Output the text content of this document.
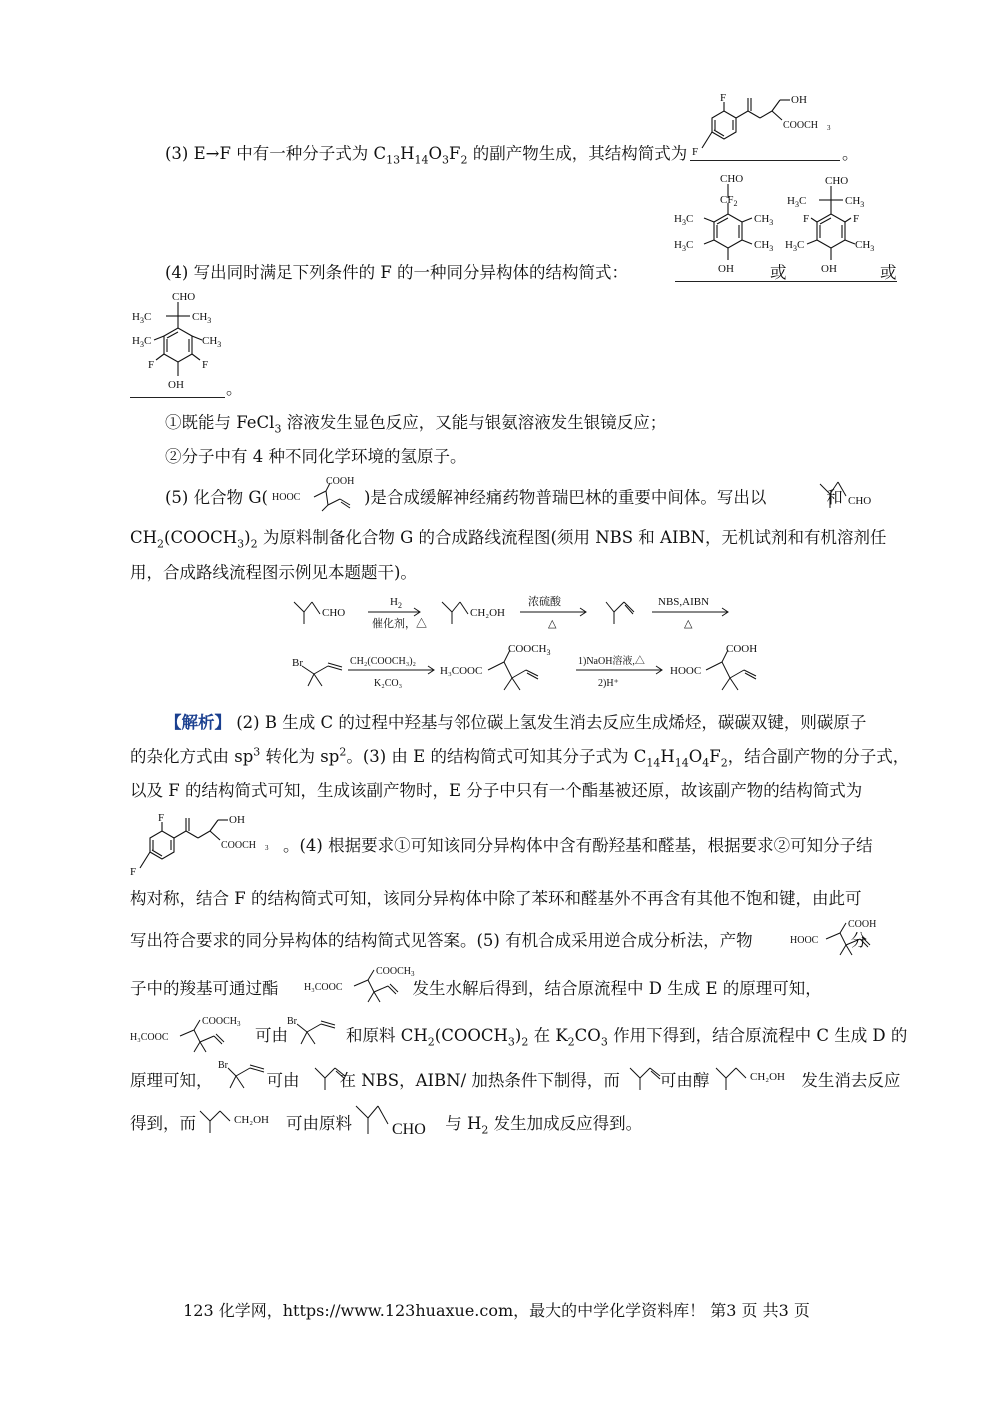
(3) E→F 中有一种分子式为 $C_{13}H_{14}O_3F_2$ 的副产物生成，其结构简式为	。
F
F
OH
COOCH 3
(4) 写出同时满足下列条件的 F 的一种同分异构体的结构简式：
CHO
$CF_2$
$H_3C$	$CH_3$
$H_3C$	$CH_3$
OH 或
CHO
$H_3C$	$CH_3$
F	F
$H_3C$	$CH_3$
OH	或
CHO
$H_3C$	$CH_3$
$H_3C$	$CH_3$
F	F
OH	。
①既能与 FeCl$_3$ 溶液发生显色反应，又能与银氨溶液发生银镜反应；
②分子中有 4 种不同化学环境的氢原子。
(5) 化合物 G(	)是合成缓解神经痛药物普瑞巴林的重要中间体。写出以	和
HOOC
COOH
CHO
$CH_2(COOCH_3)_2$ 为原料制备化合物 G 的合成路线流程图(须用 NBS 和 AIBN，无机试剂和有机溶剂任
用，合成路线流程图示例见本题题干)。
CHO
$H_2$
催化剂，△
CH₂OH
浓硫酸
△
NBS,AIBN
△
Br	CH₂(COOCH₃)₂
K₂CO₃
H₃COOC
$COOCH_3$
1)NaOH溶液,△
2)H⁺
HOOC
COOH
【解析】 (2) B 生成 C 的过程中羟基与邻位碳上氢发生消去反应生成烯烃，碳碳双键，则碳原子
的杂化方式由 $sp^3$ 转化为 $sp^2$。(3) 由 E 的结构简式可知其分子式为 $C_{14}H_{14}O_4F_2$，结合副产物的分子式，
以及 F 的结构简式可知，生成该副产物时，E 分子中只有一个酯基被还原，故该副产物的结构简式为
F
F
OH
COOCH 3 。(4) 根据要求①可知该同分异构体中含有酚羟基和醛基，根据要求②可知分子结
构对称，结合 F 的结构简式可知，该同分异构体中除了苯环和醛基外不再含有其他不饱和键，由此可
写出符合要求的同分异构体的结构简式见答案。(5) 有机合成采用逆合成分析法，产物	分
HOOC
COOH
子中的羧基可通过酯	发生水解后得到，结合原流程中 D 生成 E 的原理可知，
H₃COOC
$COOCH_3$
可由	和原料 $CH_2(COOCH_3)_2$ 在 $K_2CO_3$ 作用下得到，结合原流程中 C 生成 D 的
H₃COOC
$COOCH_3$	Br
原理可知，	可由 在 NBS，AIBN/ 加热条件下制得，而 可由醇	发生消去反应
Br
CH₂OH
得到，而	可由原料	与 $H_2$ 发生加成反应得到。
CH₂OH
CHO
123 化学网，https://www.123huaxue.com，最大的中学化学资料库！ 第3 页 共3 页
